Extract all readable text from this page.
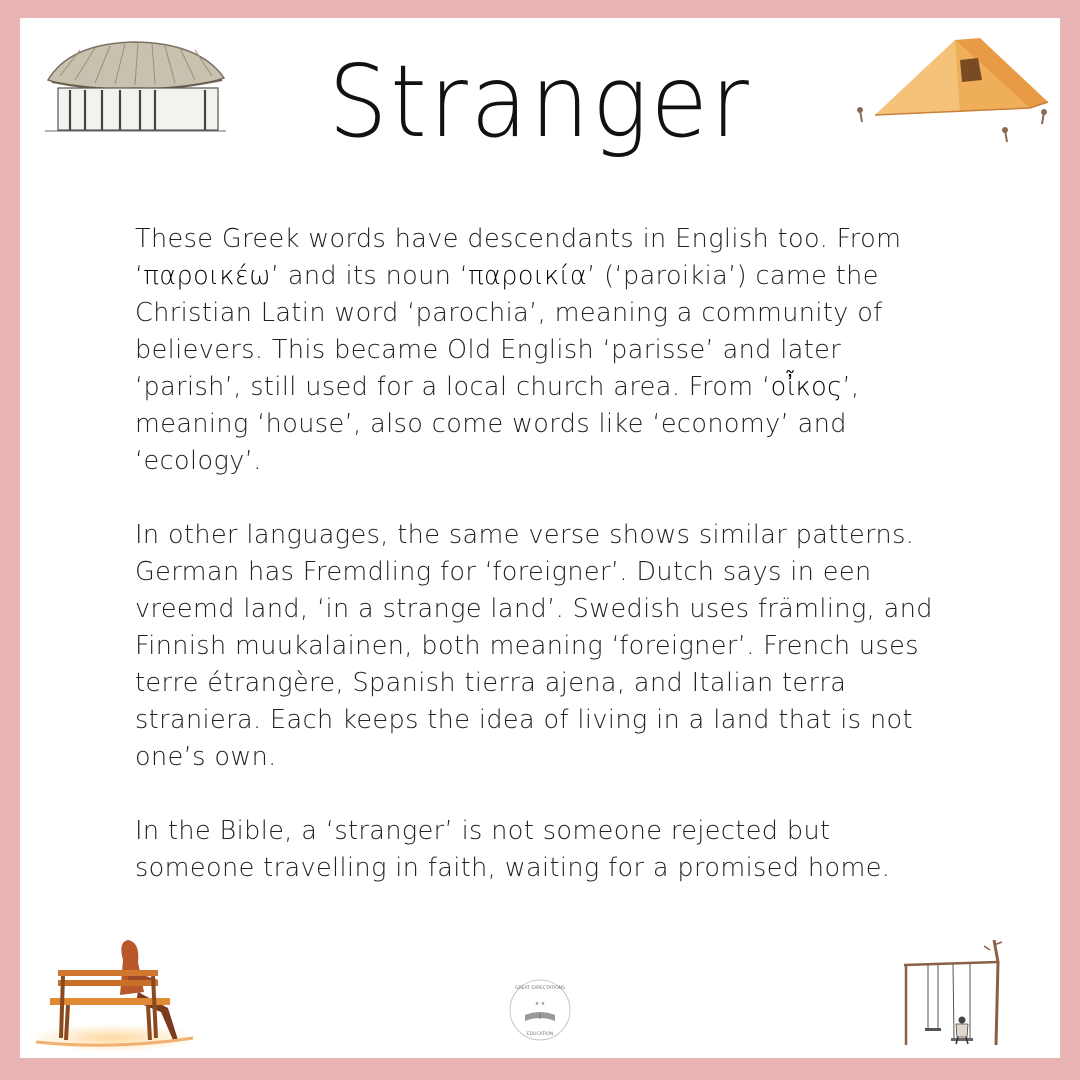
Stranger

These Greek words have descendants in English too. From ‘παροικέω’ and its noun ‘παροικία’ (‘paroikia’) came the Christian Latin word ‘parochia’, meaning a community of believers. This became Old English ‘parisse’ and later ‘parish’, still used for a local church area. From ‘οἶκος’, meaning ‘house’, also come words like ‘economy’ and ‘ecology’.

In other languages, the same verse shows similar patterns. German has Fremdling for ‘foreigner’. Dutch says in een vreemd land, ‘in a strange land’. Swedish uses främling, and Finnish muukalainen, both meaning ‘foreigner’. French uses terre étrangère, Spanish tierra ajena, and Italian terra straniera. Each keeps the idea of living in a land that is not one’s own.

In the Bible, a ‘stranger’ is not someone rejected but someone travelling in faith, waiting for a promised home.

★ ★
GREAT EXPECTATIONS
EDUCATION
